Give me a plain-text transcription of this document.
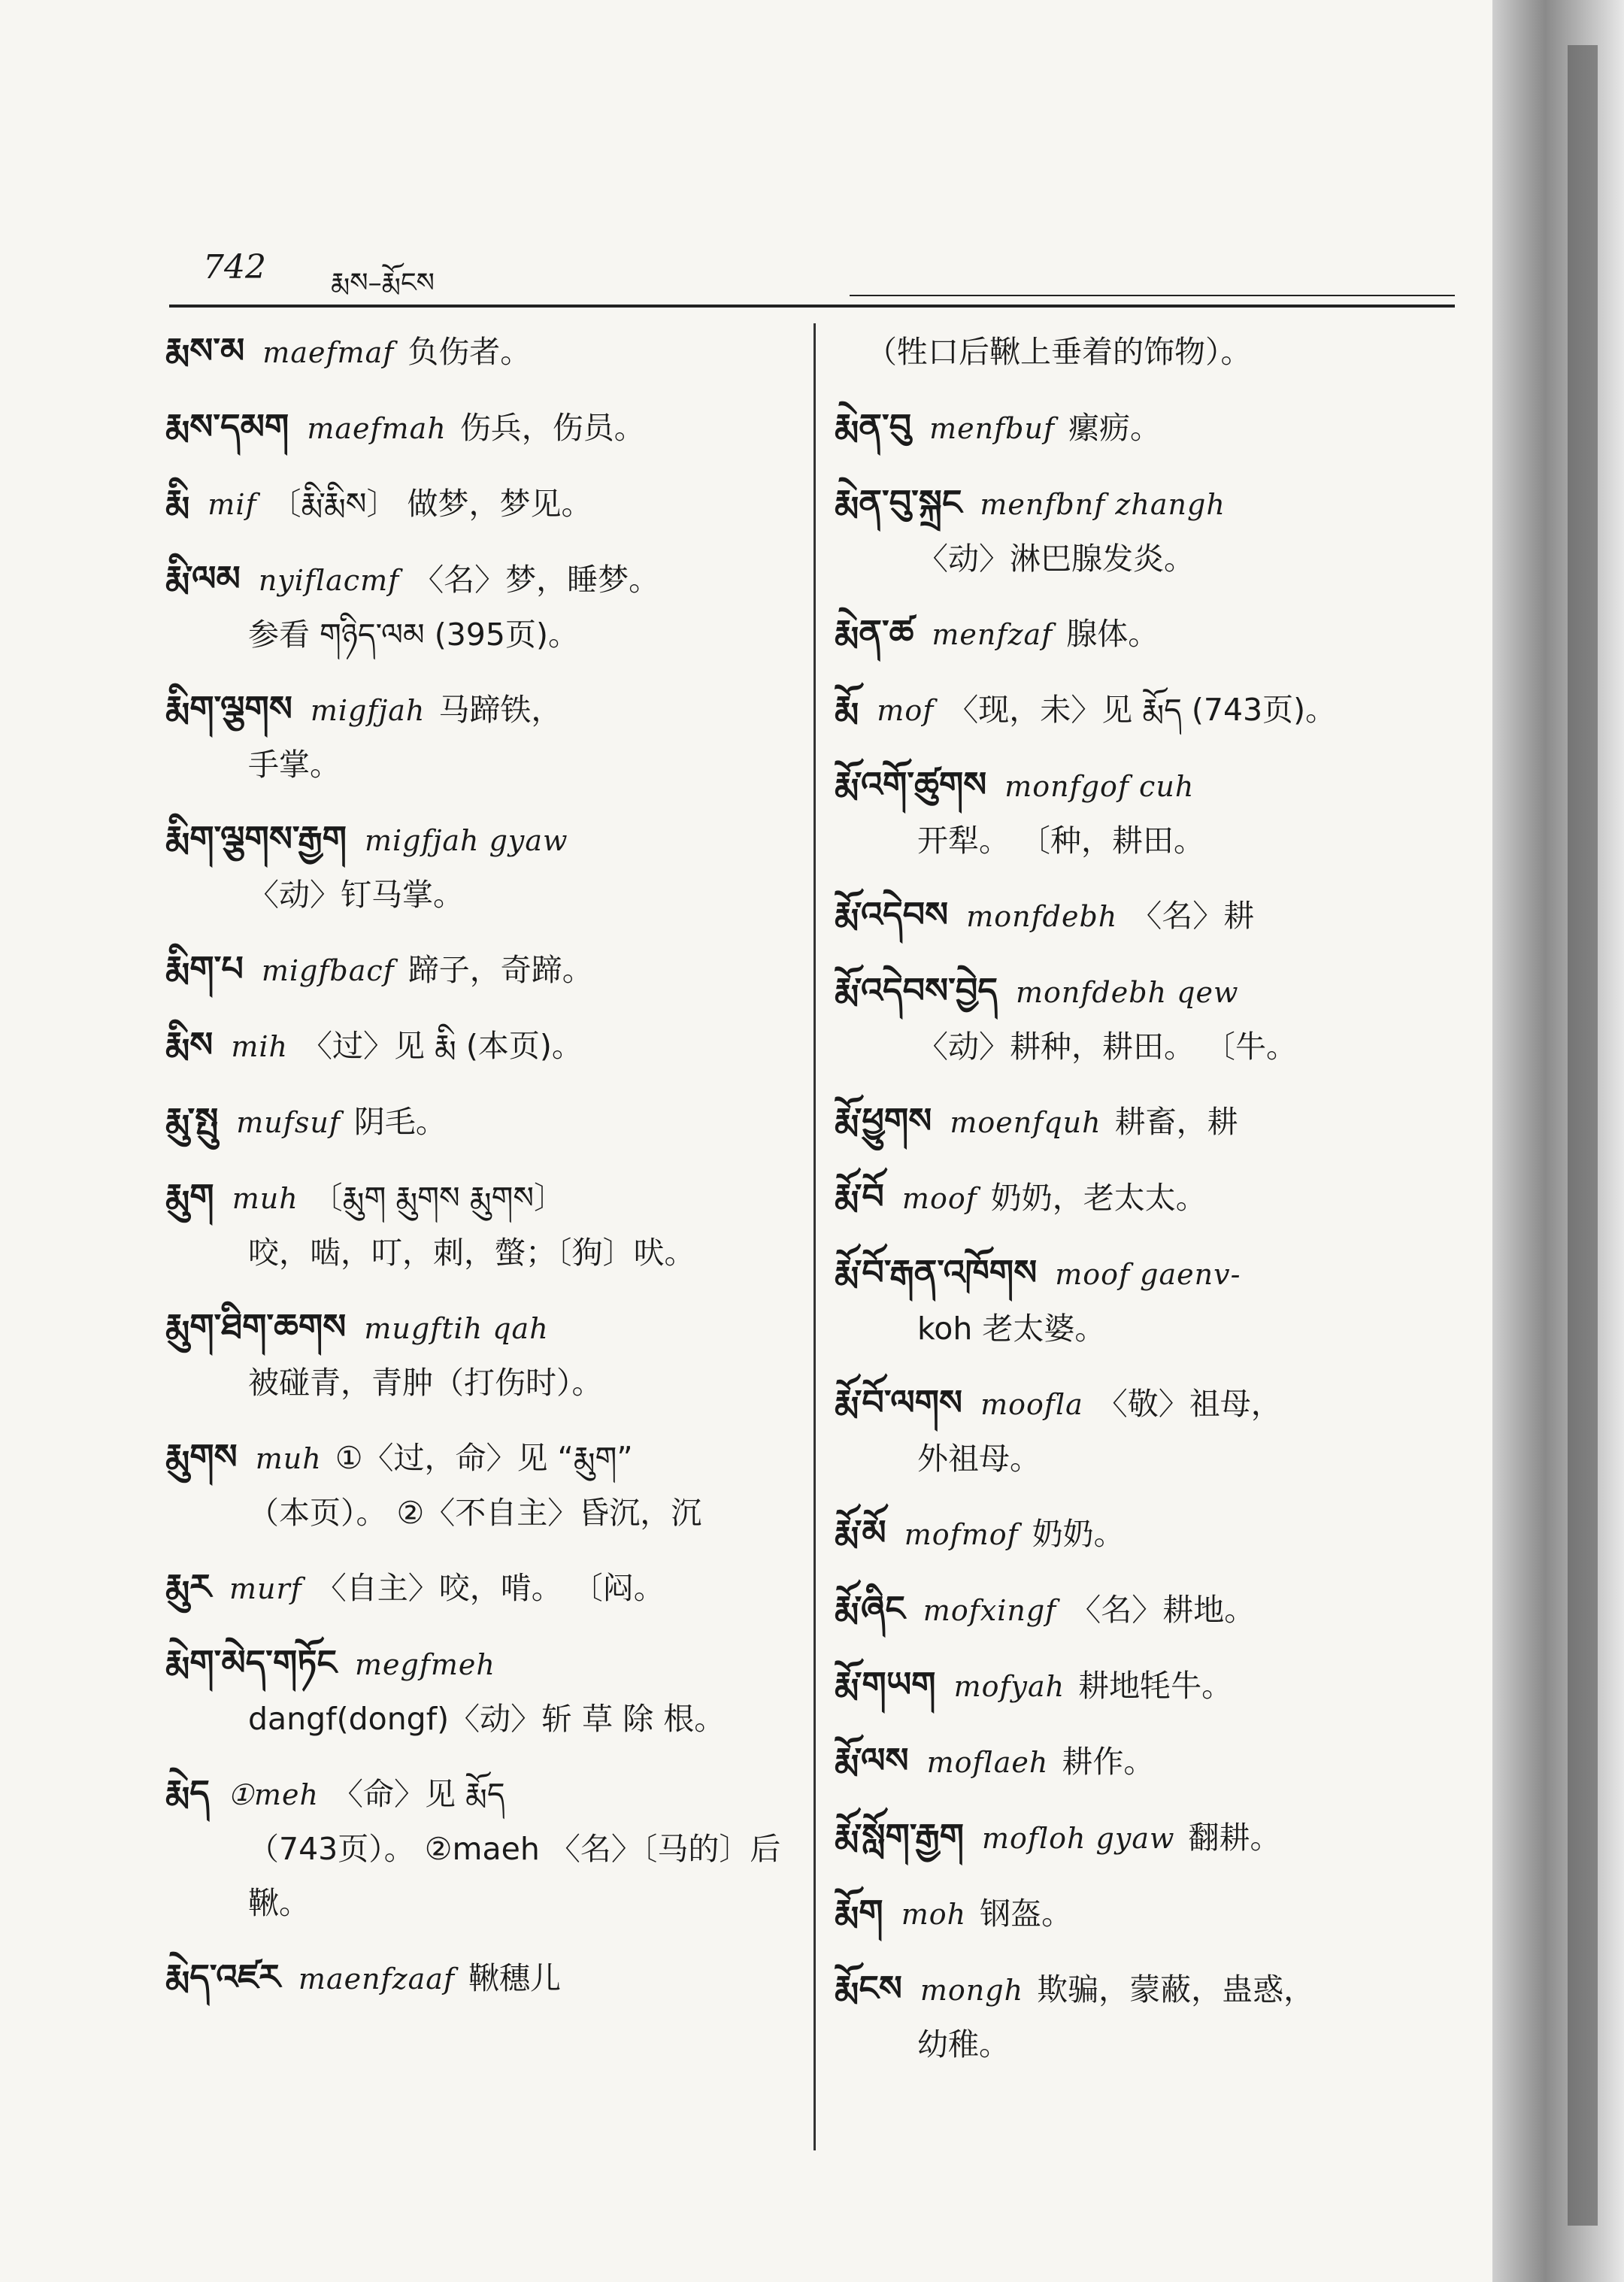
742 རྨས–རྨོངས
རྨས་མ maefmaf 负伤者。
རྨས་དམག maefmah 伤兵，伤员。
རྨི mif 〔རྨི་རྨིས〕 做梦，梦见。
རྨི་ལམ nyiflacmf 〈名〉梦，睡梦。
参看 གཉིད་ལམ (395页)。
རྨིག་ལྕགས migfjah 马蹄铁，
手掌。
རྨིག་ལྕགས་རྒྱག migfjah gyaw
〈动〉钉马掌。
རྨིག་པ migfbacf 蹄子，奇蹄。
རྨིས mih 〈过〉见 རྨི (本页)。
རྨུ་སྤུ mufsuf 阴毛。
རྨུག muh 〔རྨུག རྨུགས རྨུགས〕
咬，啮，叮，刺，螫；〔狗〕吠。
རྨུག་ཐིག་ཆགས mugftih qah
被碰青，青肿（打伤时）。
རྨུགས muh ①〈过，命〉见 “རྨུག”
（本页）。 ②〈不自主〉昏沉，沉
རྨུར murf 〈自主〉咬，啃。 〔闷。
རྨེག་མེད་གཏོང megfmeh
dangf(dongf)〈动〉斩 草 除 根。
རྨེད ①meh 〈命〉见 རྨོད
（743页）。 ②maeh 〈名〉〔马的〕后鞦。
རྨེད་འཛར maenfzaaf 鞦穗儿
（牲口后鞦上垂着的饰物）。
རྨེན་བུ menfbuf 瘰疬。
རྨེན་བུ་སྐྲང menfbnf zhangh
〈动〉淋巴腺发炎。
རྨེན་ཚ menfzaf 腺体。
རྨོ mof 〈现，未〉见 རྨོད (743页)。
རྨོ་འགོ་ཚུགས monfgof cuh
开犁。 〔种，耕田。
རྨོ་འདེབས monfdebh 〈名〉耕
རྨོ་འདེབས་བྱེད monfdebh qew
〈动〉耕种，耕田。 〔牛。
རྨོ་ཕྱུགས moenfquh 耕畜，耕
རྨོ་བོ moof 奶奶，老太太。
རྨོ་བོ་རྒན་འཁོགས moof gaenv-
koh 老太婆。
རྨོ་བོ་ལགས moofla 〈敬〉祖母，
外祖母。
རྨོ་མོ mofmof 奶奶。
རྨོ་ཞིང mofxingf 〈名〉耕地。
རྨོ་གཡག mofyah 耕地牦牛。
རྨོ་ལས moflaeh 耕作。
རྨོ་སློག་རྒྱག mofloh gyaw 翻耕。
རྨོག moh 钢盔。
རྨོངས mongh 欺骗，蒙蔽，蛊惑，
幼稚。
